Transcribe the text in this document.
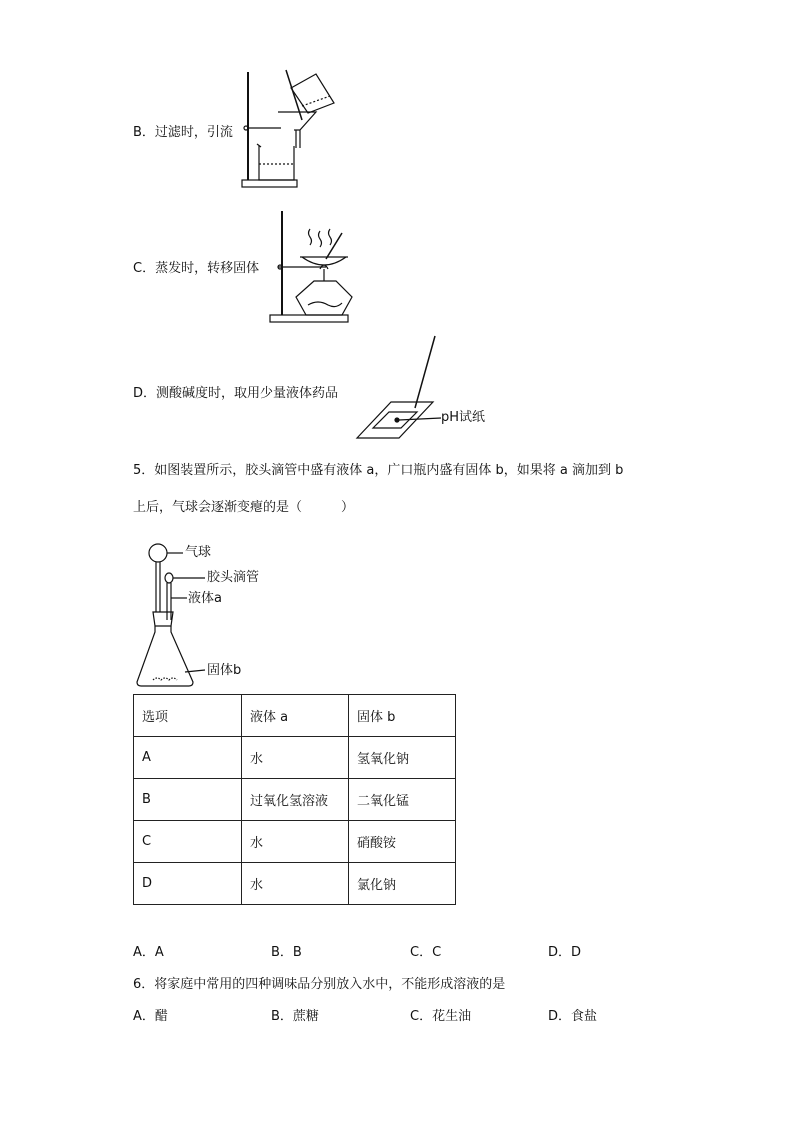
B．过滤时，引流
C．蒸发时，转移固体
pH试纸
D．测酸碱度时，取用少量液体药品
5．如图装置所示，胶头滴管中盛有液体 a，广口瓶内盛有固体 b，如果将 a 滴加到 b
上后，气球会逐渐变瘪的是（　　　）
气球
胶头滴管
液体a
固体b
选项	液体 a	固体 b
A	水	氢氧化钠
B	过氧化氢溶液	二氧化锰
C	水	硝酸铵
D	水	氯化钠
A．A	B．B	C．C	D．D
6．将家庭中常用的四种调味品分别放入水中，不能形成溶液的是
A．醋	B．蔗糖	C．花生油	D．食盐
